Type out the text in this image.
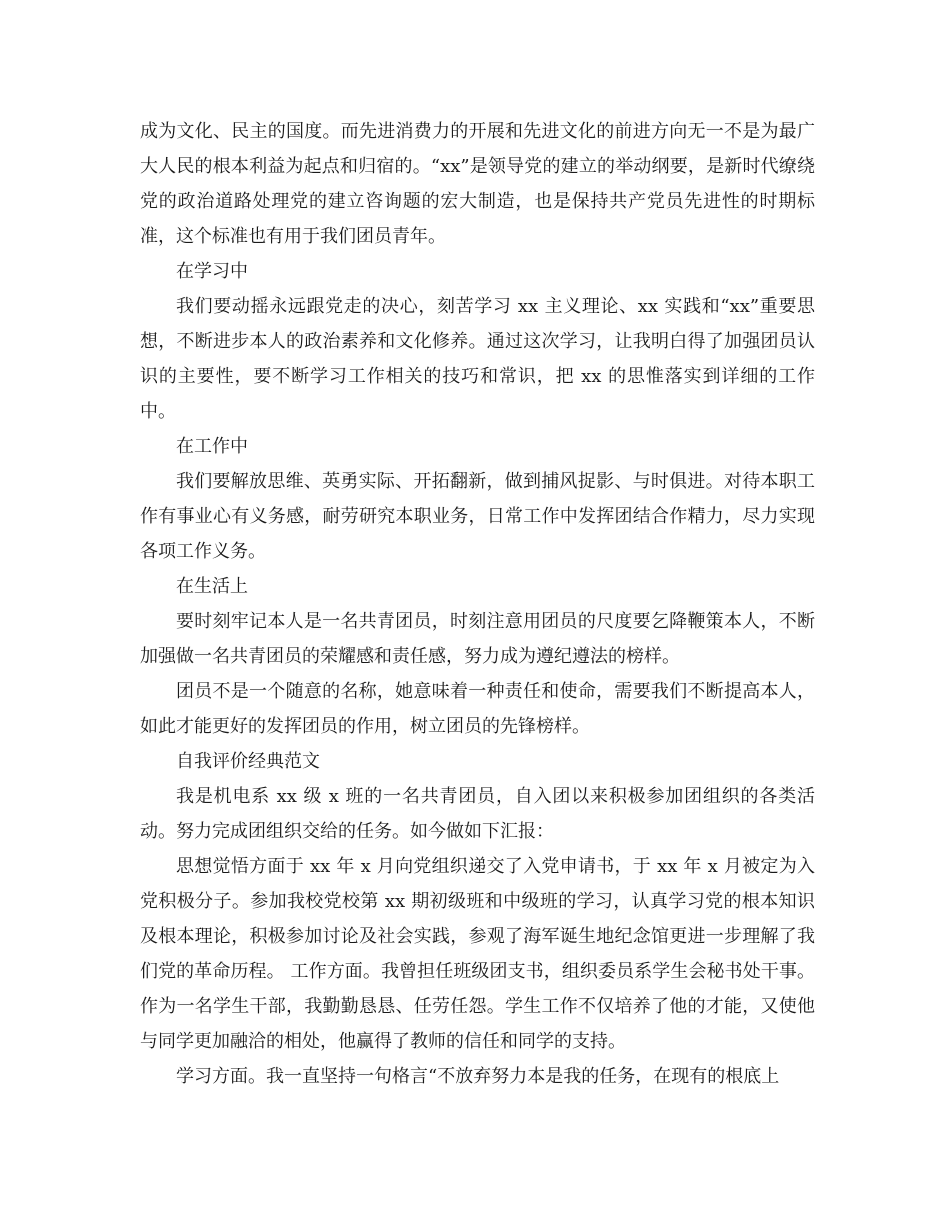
成为文化、民主的国度。而先进消费力的开展和先进文化的前进方向无一不是为最广大人民的根本利益为起点和归宿的。“xx”是领导党的建立的举动纲要，是新时代缭绕党的政治道路处理党的建立咨询题的宏大制造，也是保持共产党员先进性的时期标准，这个标准也有用于我们团员青年。

在学习中

我们要动摇永远跟党走的决心，刻苦学习 xx 主义理论、xx 实践和“xx”重要思想，不断进步本人的政治素养和文化修养。通过这次学习，让我明白得了加强团员认识的主要性，要不断学习工作相关的技巧和常识，把 xx 的思惟落实到详细的工作中。

在工作中

我们要解放思维、英勇实际、开拓翻新，做到捕风捉影、与时俱进。对待本职工作有事业心有义务感，耐劳研究本职业务，日常工作中发挥团结合作精力，尽力实现各项工作义务。

在生活上

要时刻牢记本人是一名共青团员，时刻注意用团员的尺度要乞降鞭策本人，不断加强做一名共青团员的荣耀感和责任感，努力成为遵纪遵法的榜样。

团员不是一个随意的名称，她意味着一种责任和使命，需要我们不断提高本人，如此才能更好的发挥团员的作用，树立团员的先锋榜样。

自我评价经典范文

我是机电系 xx 级 x 班的一名共青团员，自入团以来积极参加团组织的各类活动。努力完成团组织交给的任务。如今做如下汇报：

思想觉悟方面于 xx 年 x 月向党组织递交了入党申请书，于 xx 年 x 月被定为入党积极分子。参加我校党校第 xx 期初级班和中级班的学习，认真学习党的根本知识及根本理论，积极参加讨论及社会实践，参观了海军诞生地纪念馆更进一步理解了我们党的革命历程。 工作方面。我曾担任班级团支书，组织委员系学生会秘书处干事。作为一名学生干部，我勤勤恳恳、任劳任怨。学生工作不仅培养了他的才能，又使他与同学更加融洽的相处，他赢得了教师的信任和同学的支持。

学习方面。我一直坚持一句格言“不放弃努力本是我的任务，在现有的根底上
